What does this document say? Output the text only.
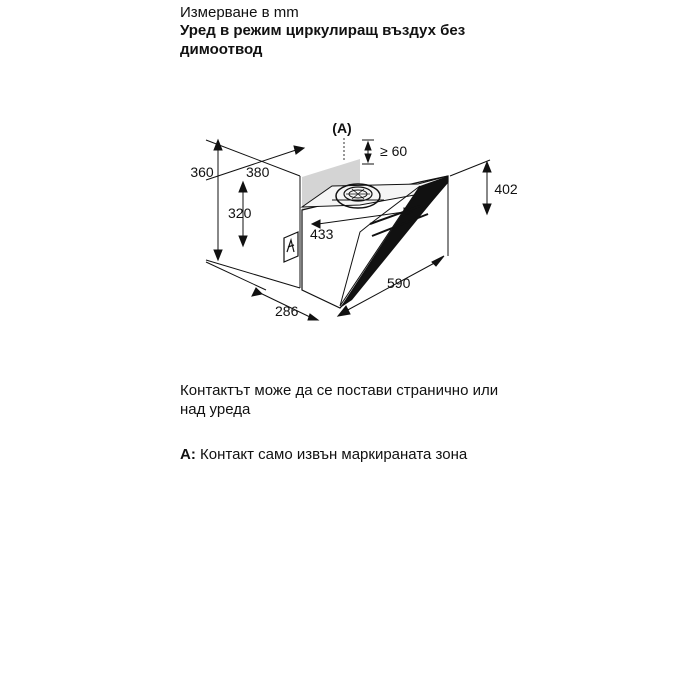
Измерване в mm
Уред в режим циркулиращ въздух без димоотвод
(A)
≥ 60
380
360
320
433
402
590
286
Контактът може да се постави странично или над уреда
A: Контакт само извън маркираната зона
